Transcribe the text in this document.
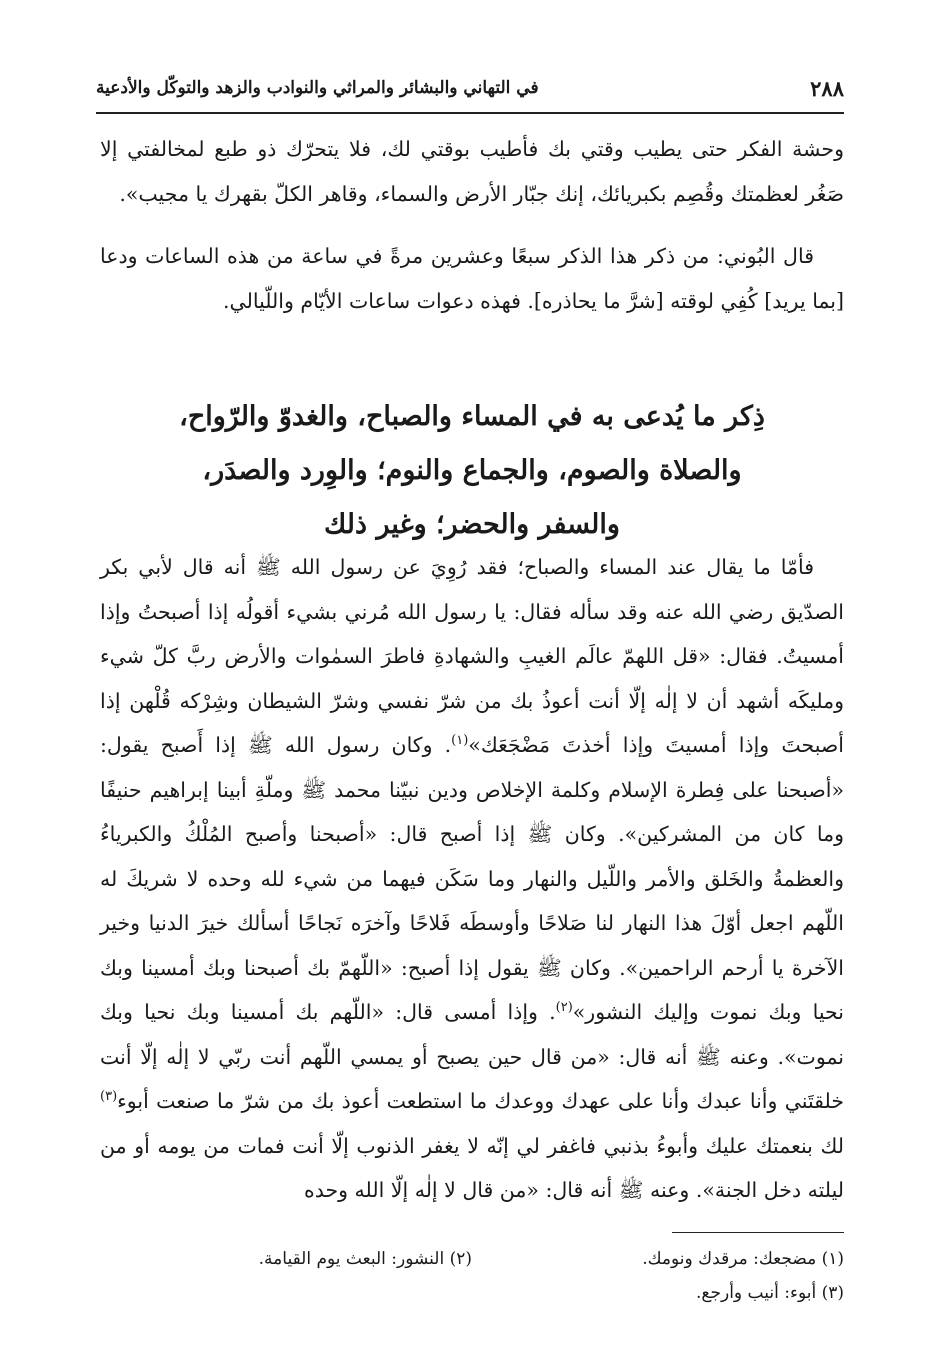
٢٨٨
في التهاني والبشائر والمراثي والنوادب والزهد والتوكّل والأدعية

وحشة الفكر حتى يطيب وقتي بك فأطيب بوقتي لك، فلا يتحرّك ذو طبع لمخالفتي إلا صَغُر لعظمتك وقُصِم بكبريائك، إنك جبّار الأرض والسماء، وقاهر الكلّ بقهرك يا مجيب».

قال البُوني: من ذكر هذا الذكر سبعًا وعشرين مرةً في ساعة من هذه الساعات ودعا [بما يريد] كُفِي لوقته [شرَّ ما يحاذره]. فهذه دعوات ساعات الأيّام واللّيالي.

ذِكر ما يُدعى به في المساء والصباح، والغدوّ والرّواح،
والصلاة والصوم، والجماع والنوم؛ والوِرد والصدَر،
والسفر والحضر؛ وغير ذلك

فأمّا ما يقال عند المساء والصباح؛ فقد رُوِيَ عن رسول الله ﷺ أنه قال لأبي بكر الصدّيق رضي الله عنه وقد سأله فقال: يا رسول الله مُرني بشيء أقولُه إذا أصبحتُ وإذا أمسيتُ. فقال: «قل اللهمّ عالَم الغيبِ والشهادةِ فاطرَ السمٰوات والأرض ربَّ كلّ شيء ومليكَه أشهد أن لا إلٰه إلّا أنت أعوذُ بك من شرّ نفسي وشرّ الشيطان وشِرْكه قُلْهن إذا أصبحتَ وإذا أمسيتَ وإذا أخذتَ مَضْجَعَك»$^{(١)}$. وكان رسول الله ﷺ إذا أَصبح يقول: «أصبحنا على فِطرة الإسلام وكلمة الإخلاص ودين نبيّنا محمد ﷺ وملّةِ أبينا إبراهيم حنيفًا وما كان من المشركين». وكان ﷺ إذا أصبح قال: «أصبحنا وأصبح المُلْكُ والكبرياءُ والعظمةُ والخَلق والأمر واللّيل والنهار وما سَكَن فيهما من شيء لله وحده لا شريكَ له اللّهم اجعل أوّلَ هذا النهار لنا صَلاحًا وأوسطَه فَلاحًا وآخرَه نَجاحًا أسألك خيرَ الدنيا وخير الآخرة يا أرحم الراحمين». وكان ﷺ يقول إذا أصبح: «اللّهمّ بك أصبحنا وبك أمسينا وبك نحيا وبك نموت وإليك النشور»$^{(٢)}$. وإذا أمسى قال: «اللّهم بك أمسينا وبك نحيا وبك نموت». وعنه ﷺ أنه قال: «من قال حين يصبح أو يمسي اللّهم أنت ربّي لا إلٰه إلّا أنت خلقتَني وأنا عبدك وأنا على عهدك ووعدك ما استطعت أعوذ بك من شرّ ما صنعت أبوء$^{(٣)}$ لك بنعمتك عليك وأبوءُ بذنبي فاغفر لي إنّه لا يغفر الذنوب إلّا أنت فمات من يومه أو من ليلته دخل الجنة». وعنه ﷺ أنه قال: «من قال لا إلٰه إلّا الله وحده

(١) مضجعك: مرقدك ونومك.
(٢) النشور: البعث يوم القيامة.
(٣) أبوء: أنيب وأرجع.
